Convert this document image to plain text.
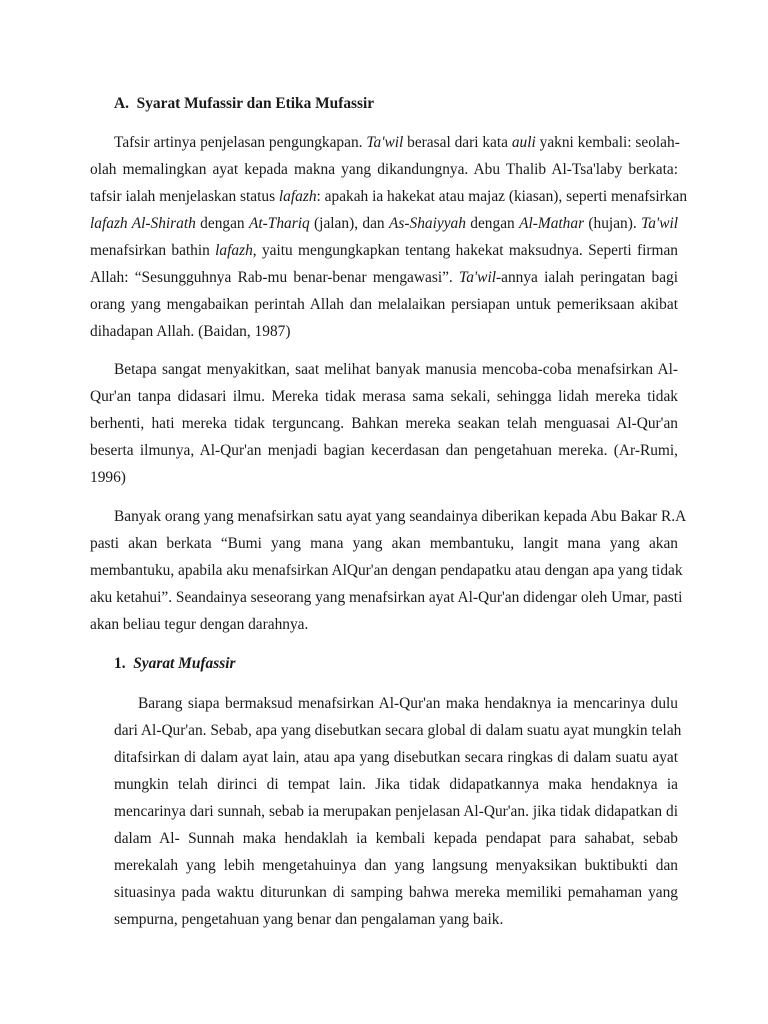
A. Syarat Mufassir dan Etika Mufassir
Tafsir artinya penjelasan pengungkapan. Ta'wil berasal dari kata auli yakni kembali: seolah-
olah memalingkan ayat kepada makna yang dikandungnya. Abu Thalib Al-Tsa'laby berkata:
tafsir ialah menjelaskan status lafazh: apakah ia hakekat atau majaz (kiasan), seperti menafsirkan
lafazh Al-Shirath dengan At-Thariq (jalan), dan As-Shaiyyah dengan Al-Mathar (hujan). Ta'wil
menafsirkan bathin lafazh, yaitu mengungkapkan tentang hakekat maksudnya. Seperti firman
Allah: “Sesungguhnya Rab-mu benar-benar mengawasi”. Ta'wil-annya ialah peringatan bagi
orang yang mengabaikan perintah Allah dan melalaikan persiapan untuk pemeriksaan akibat
dihadapan Allah. (Baidan, 1987)
Betapa sangat menyakitkan, saat melihat banyak manusia mencoba-coba menafsirkan Al-
Qur'an tanpa didasari ilmu. Mereka tidak merasa sama sekali, sehingga lidah mereka tidak
berhenti, hati mereka tidak terguncang. Bahkan mereka seakan telah menguasai Al-Qur'an
beserta ilmunya, Al-Qur'an menjadi bagian kecerdasan dan pengetahuan mereka. (Ar-Rumi,
1996)
Banyak orang yang menafsirkan satu ayat yang seandainya diberikan kepada Abu Bakar R.A
pasti akan berkata “Bumi yang mana yang akan membantuku, langit mana yang akan
membantuku, apabila aku menafsirkan AlQur'an dengan pendapatku atau dengan apa yang tidak
aku ketahui”. Seandainya seseorang yang menafsirkan ayat Al-Qur'an didengar oleh Umar, pasti
akan beliau tegur dengan darahnya.
1. Syarat Mufassir
Barang siapa bermaksud menafsirkan Al-Qur'an maka hendaknya ia mencarinya dulu
dari Al-Qur'an. Sebab, apa yang disebutkan secara global di dalam suatu ayat mungkin telah
ditafsirkan di dalam ayat lain, atau apa yang disebutkan secara ringkas di dalam suatu ayat
mungkin telah dirinci di tempat lain. Jika tidak didapatkannya maka hendaknya ia
mencarinya dari sunnah, sebab ia merupakan penjelasan Al-Qur'an. jika tidak didapatkan di
dalam Al- Sunnah maka hendaklah ia kembali kepada pendapat para sahabat, sebab
merekalah yang lebih mengetahuinya dan yang langsung menyaksikan buktibukti dan
situasinya pada waktu diturunkan di samping bahwa mereka memiliki pemahaman yang
sempurna, pengetahuan yang benar dan pengalaman yang baik.
